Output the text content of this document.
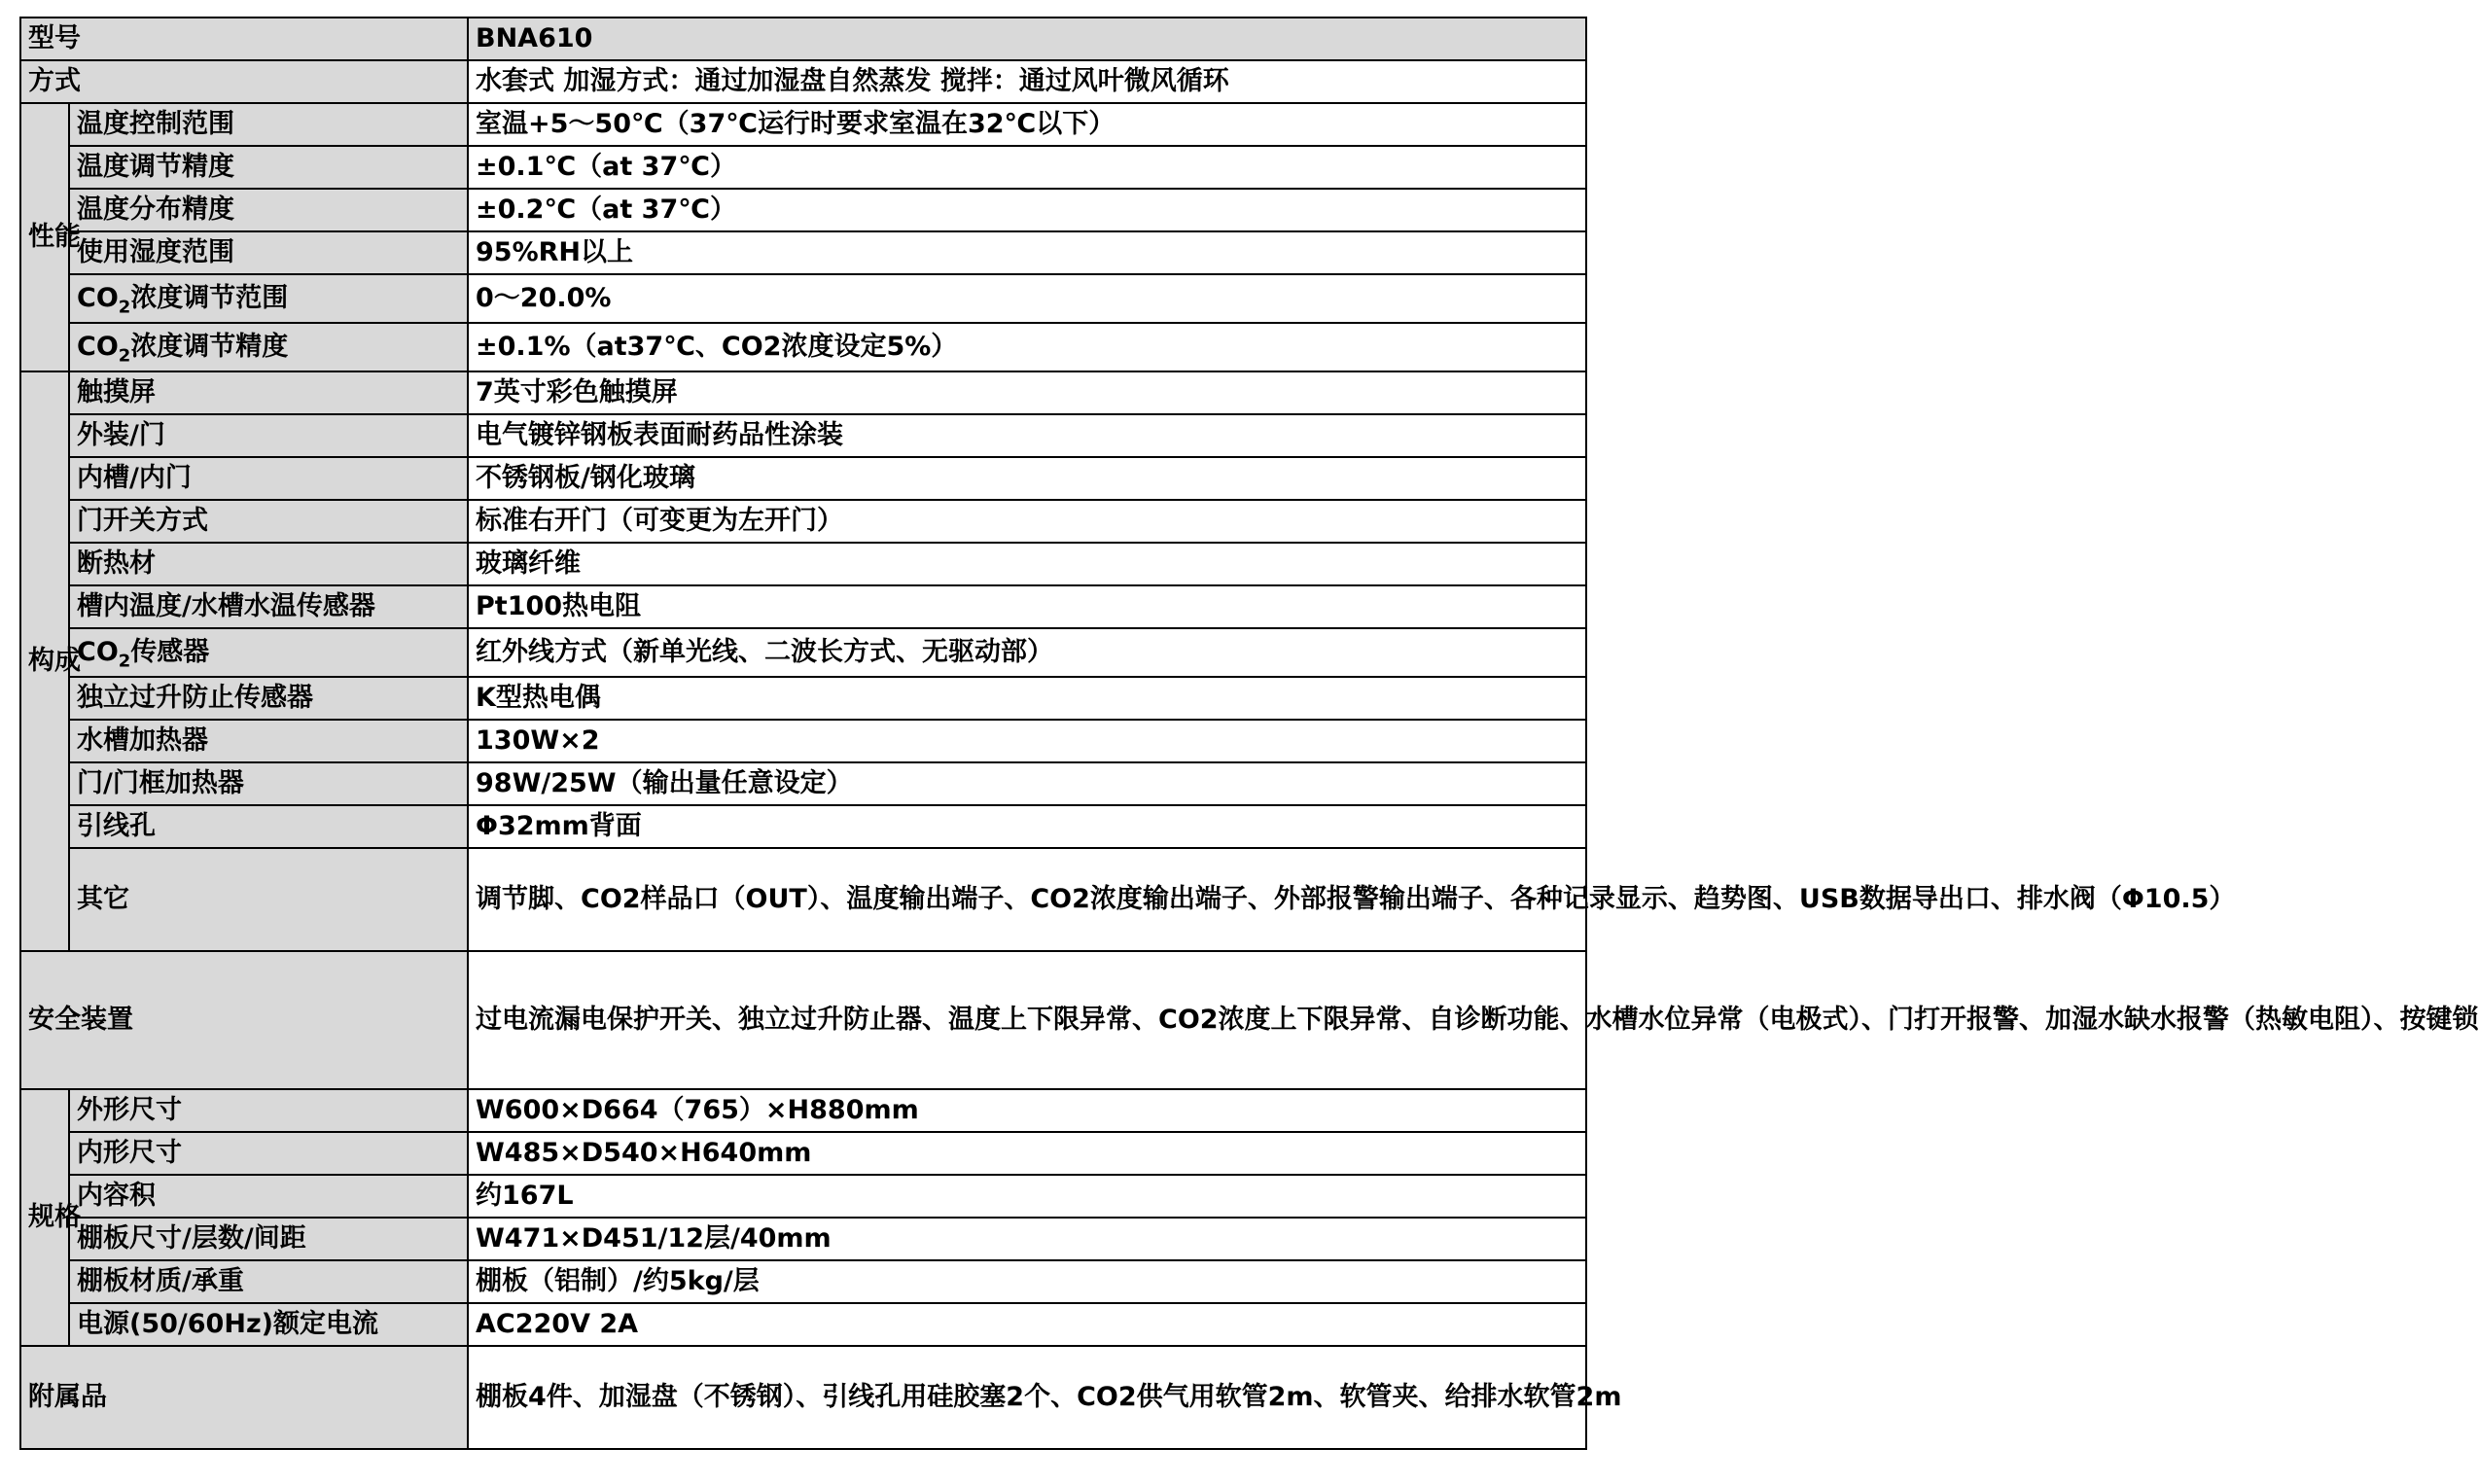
型号		BNA610
方式		水套式 加湿方式：通过加湿盘自然蒸发 搅拌：通过风叶微风循环
性能	温度控制范围	室温+5～50℃（37℃运行时要求室温在32℃以下）
	温度调节精度	±0.1℃（at 37℃）
	温度分布精度	±0.2℃（at 37℃）
	使用湿度范围	95%RH以上
	$CO_2$浓度调节范围	0～20.0%
	$CO_2$浓度调节精度	±0.1%（at37℃、CO2浓度设定5%）
构成	触摸屏	7英寸彩色触摸屏
	外装/门	电气镀锌钢板表面耐药品性涂装
	内槽/内门	不锈钢板/钢化玻璃
	门开关方式	标准右开门（可变更为左开门）
	断热材	玻璃纤维
	槽内温度/水槽水温传感器	Pt100热电阻
	$CO_2$传感器	红外线方式（新单光线、二波长方式、无驱动部）
	独立过升防止传感器	K型热电偶
	水槽加热器	130W×2
	门/门框加热器	98W/25W（输出量任意设定）
	引线孔	Φ32mm背面
	其它	调节脚、CO2样品口（OUT）、温度输出端子、CO2浓度输出端子、外部报警输出端子、各种记录显示、趋势图、USB数据导出口、排水阀（Φ10.5）
安全装置		过电流漏电保护开关、独立过升防止器、温度上下限异常、CO2浓度上下限异常、自诊断功能、水槽水位异常（电极式）、门打开报警、加湿水缺水报警（热敏电阻）、按键锁
规格	外形尺寸	W600×D664（765）×H880mm
	内形尺寸	W485×D540×H640mm
	内容积	约167L
	棚板尺寸/层数/间距	W471×D451/12层/40mm
	棚板材质/承重	棚板（铝制）/约5kg/层
	电源(50/60Hz)额定电流	AC220V 2A
附属品		棚板4件、加湿盘（不锈钢）、引线孔用硅胶塞2个、CO2供气用软管2m、软管夹、给排水软管2m
